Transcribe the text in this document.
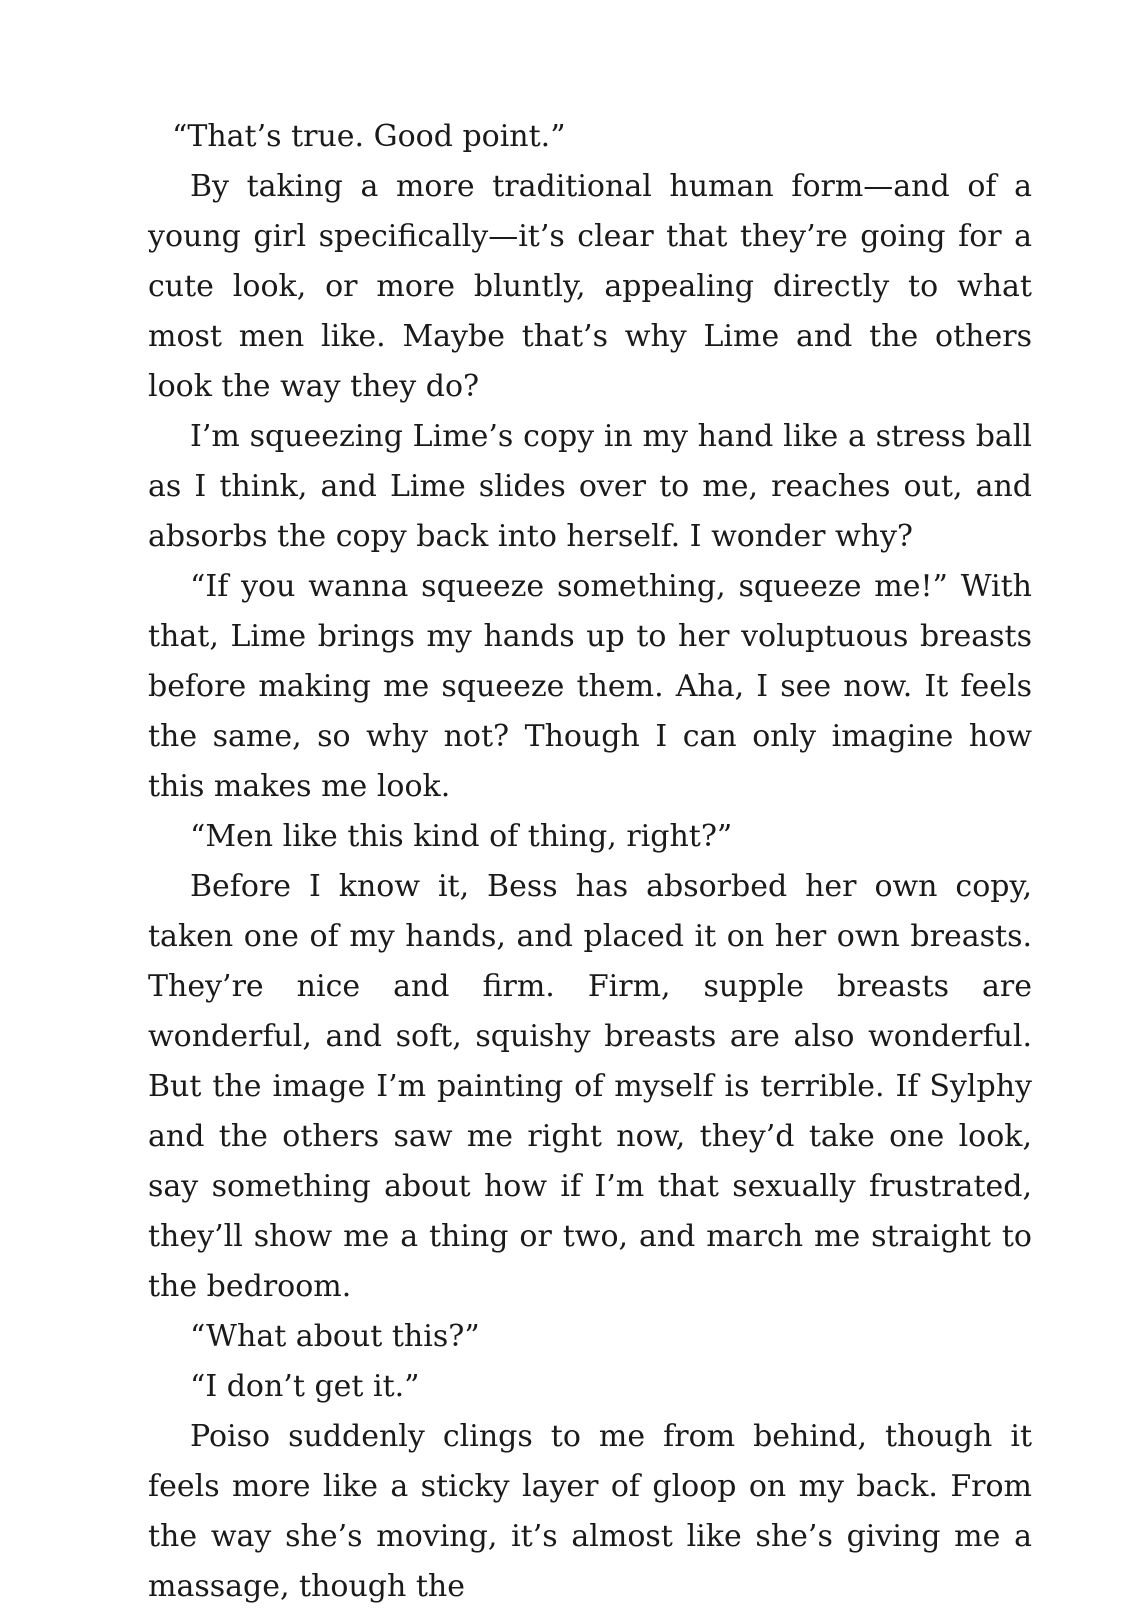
“That’s true. Good point.”

By taking a more traditional human form—and of a young girl specifically—it’s clear that they’re going for a cute look, or more bluntly, appealing directly to what most men like. Maybe that’s why Lime and the others look the way they do?

I’m squeezing Lime’s copy in my hand like a stress ball as I think, and Lime slides over to me, reaches out, and absorbs the copy back into herself. I wonder why?

“If you wanna squeeze something, squeeze me!” With that, Lime brings my hands up to her voluptuous breasts before making me squeeze them. Aha, I see now. It feels the same, so why not? Though I can only imagine how this makes me look.

“Men like this kind of thing, right?”

Before I know it, Bess has absorbed her own copy, taken one of my hands, and placed it on her own breasts. They’re nice and firm. Firm, supple breasts are wonderful, and soft, squishy breasts are also wonderful. But the image I’m painting of myself is terrible. If Sylphy and the others saw me right now, they’d take one look, say something about how if I’m that sexually frustrated, they’ll show me a thing or two, and march me straight to the bedroom.

“What about this?”

“I don’t get it.”

Poiso suddenly clings to me from behind, though it feels more like a sticky layer of gloop on my back. From the way she’s moving, it’s almost like she’s giving me a massage, though the
